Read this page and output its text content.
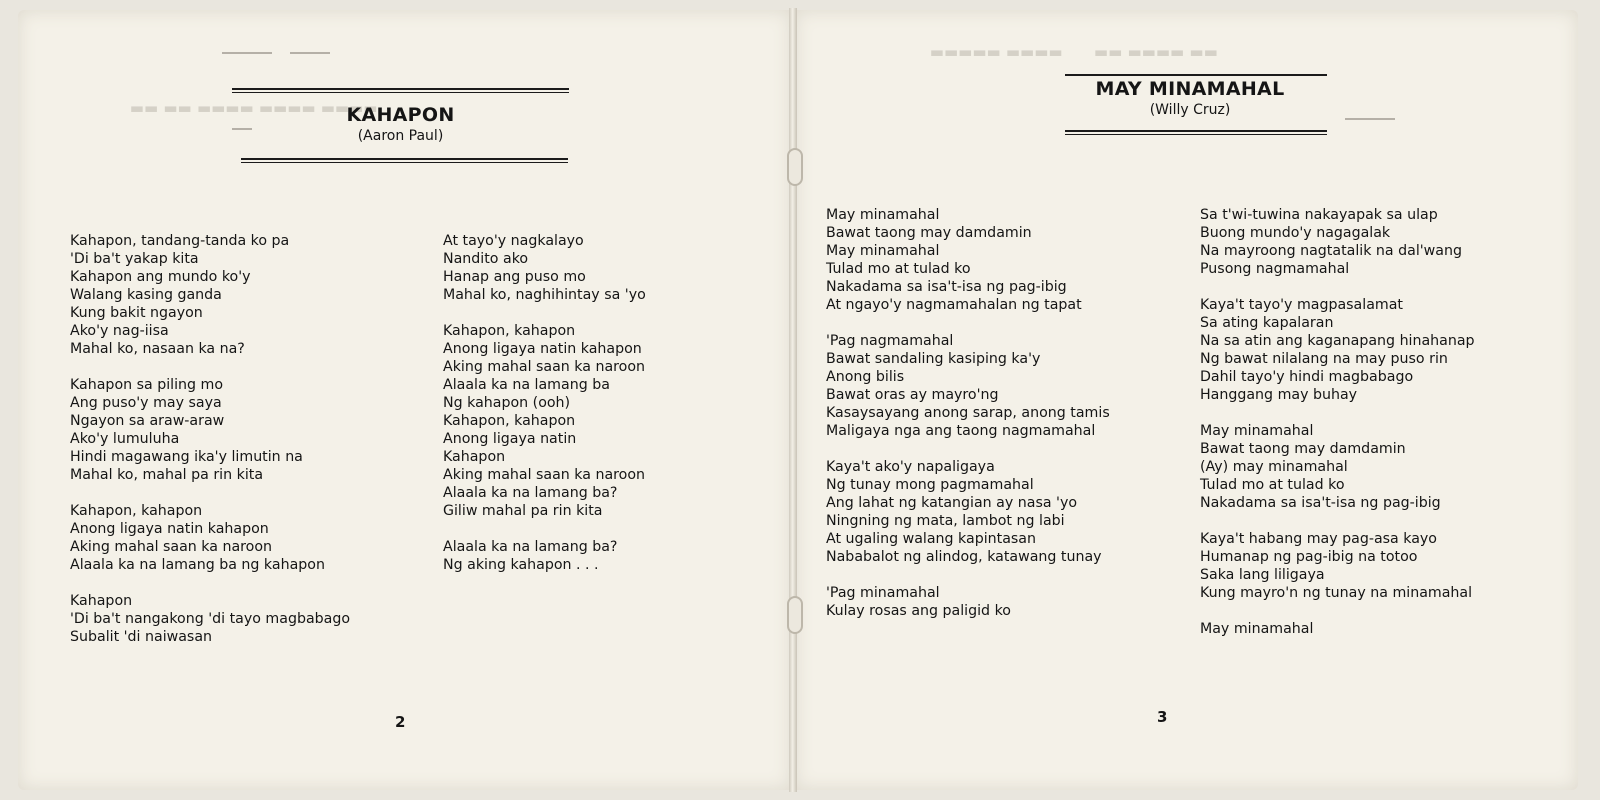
▬▬▬▬ ▬▬▬▬ ▬▬▬▬ ▬▬ ▬▬
▬▬ ▬▬▬▬ ▬▬      ▬▬▬▬ ▬▬▬▬▬
KAHAPON
(Aaron Paul)
Kahapon, tandang-tanda ko pa
'Di ba't yakap kita
Kahapon ang mundo ko'y
Walang kasing ganda
Kung bakit ngayon
Ako'y nag-iisa
Mahal ko, nasaan ka na?
Kahapon sa piling mo
Ang puso'y may saya
Ngayon sa araw-araw
Ako'y lumuluha
Hindi magawang ika'y limutin na
Mahal ko, mahal pa rin kita
Kahapon, kahapon
Anong ligaya natin kahapon
Aking mahal saan ka naroon
Alaala ka na lamang ba ng kahapon
Kahapon
'Di ba't nangakong 'di tayo magbabago
Subalit 'di naiwasan
At tayo'y nagkalayo
Nandito ako
Hanap ang puso mo
Mahal ko, naghihintay sa 'yo
Kahapon, kahapon
Anong ligaya natin kahapon
Aking mahal saan ka naroon
Alaala ka na lamang ba
Ng kahapon (ooh)
Kahapon, kahapon
Anong ligaya natin
Kahapon
Aking mahal saan ka naroon
Alaala ka na lamang ba?
Giliw mahal pa rin kita
Alaala ka na lamang ba?
Ng aking kahapon . . .
2
MAY MINAMAHAL
(Willy Cruz)
May minamahal
Bawat taong may damdamin
May minamahal
Tulad mo at tulad ko
Nakadama sa isa't-isa ng pag-ibig
At ngayo'y nagmamahalan ng tapat
'Pag nagmamahal
Bawat sandaling kasiping ka'y
Anong bilis
Bawat oras ay mayro'ng
Kasaysayang anong sarap, anong tamis
Maligaya nga ang taong nagmamahal
Kaya't ako'y napaligaya
Ng tunay mong pagmamahal
Ang lahat ng katangian ay nasa 'yo
Ningning ng mata, lambot ng labi
At ugaling walang kapintasan
Nababalot ng alindog, katawang tunay
'Pag minamahal
Kulay rosas ang paligid ko
Sa t'wi-tuwina nakayapak sa ulap
Buong mundo'y nagagalak
Na mayroong nagtatalik na dal'wang
Pusong nagmamahal
Kaya't tayo'y magpasalamat
Sa ating kapalaran
Na sa atin ang kaganapang hinahanap
Ng bawat nilalang na may puso rin
Dahil tayo'y hindi magbabago
Hanggang may buhay
May minamahal
Bawat taong may damdamin
(Ay) may minamahal
Tulad mo at tulad ko
Nakadama sa isa't-isa ng pag-ibig
Kaya't habang may pag-asa kayo
Humanap ng pag-ibig na totoo
Saka lang liligaya
Kung mayro'n ng tunay na minamahal
May minamahal
3
